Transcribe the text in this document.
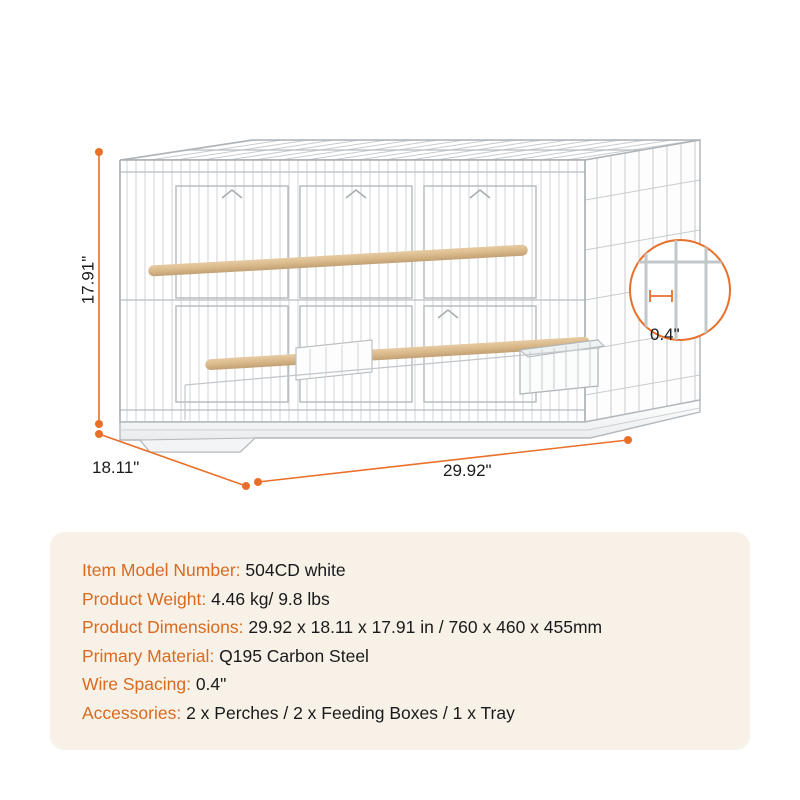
17.91"
18.11"	29.92"
0.4"
Item Model Number: 504CD white
Product Weight: 4.46 kg/ 9.8 lbs
Product Dimensions: 29.92 x 18.11 x 17.91 in / 760 x 460 x 455mm
Primary Material: Q195 Carbon Steel
Wire Spacing: 0.4"
Accessories: 2 x Perches / 2 x Feeding Boxes / 1 x Tray
